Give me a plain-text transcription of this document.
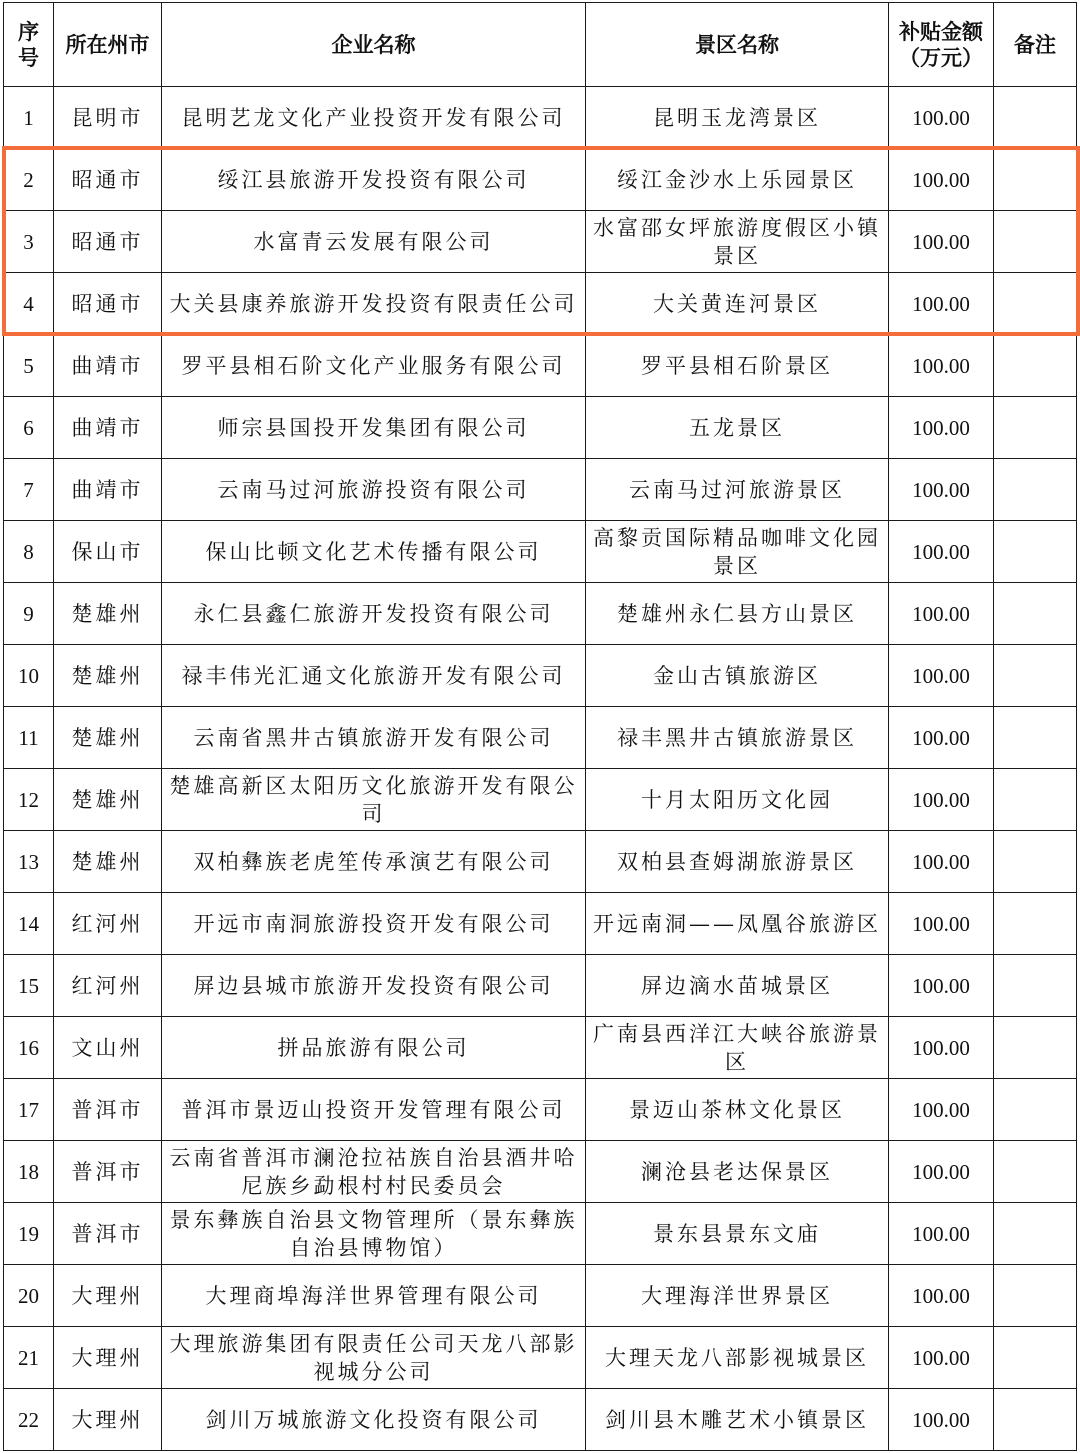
序号	所在州市	企业名称	景区名称	补贴金额（万元）	备注
1	昆明市	昆明艺龙文化产业投资开发有限公司	昆明玉龙湾景区	100.00	
2	昭通市	绥江县旅游开发投资有限公司	绥江金沙水上乐园景区	100.00	
3	昭通市	水富青云发展有限公司	水富邵女坪旅游度假区小镇景区	100.00	
4	昭通市	大关县康养旅游开发投资有限责任公司	大关黄连河景区	100.00	
5	曲靖市	罗平县相石阶文化产业服务有限公司	罗平县相石阶景区	100.00	
6	曲靖市	师宗县国投开发集团有限公司	五龙景区	100.00	
7	曲靖市	云南马过河旅游投资有限公司	云南马过河旅游景区	100.00	
8	保山市	保山比顿文化艺术传播有限公司	高黎贡国际精品咖啡文化园景区	100.00	
9	楚雄州	永仁县鑫仁旅游开发投资有限公司	楚雄州永仁县方山景区	100.00	
10	楚雄州	禄丰伟光汇通文化旅游开发有限公司	金山古镇旅游区	100.00	
11	楚雄州	云南省黑井古镇旅游开发有限公司	禄丰黑井古镇旅游景区	100.00	
12	楚雄州	楚雄高新区太阳历文化旅游开发有限公司	十月太阳历文化园	100.00	
13	楚雄州	双柏彝族老虎笙传承演艺有限公司	双柏县查姆湖旅游景区	100.00	
14	红河州	开远市南洞旅游投资开发有限公司	开远南洞——凤凰谷旅游区	100.00	
15	红河州	屏边县城市旅游开发投资有限公司	屏边滴水苗城景区	100.00	
16	文山州	拼品旅游有限公司	广南县西洋江大峡谷旅游景区	100.00	
17	普洱市	普洱市景迈山投资开发管理有限公司	景迈山茶林文化景区	100.00	
18	普洱市	云南省普洱市澜沧拉祜族自治县酒井哈尼族乡勐根村村民委员会	澜沧县老达保景区	100.00	
19	普洱市	景东彝族自治县文物管理所（景东彝族自治县博物馆）	景东县景东文庙	100.00	
20	大理州	大理商埠海洋世界管理有限公司	大理海洋世界景区	100.00	
21	大理州	大理旅游集团有限责任公司天龙八部影视城分公司	大理天龙八部影视城景区	100.00	
22	大理州	剑川万城旅游文化投资有限公司	剑川县木雕艺术小镇景区	100.00	
